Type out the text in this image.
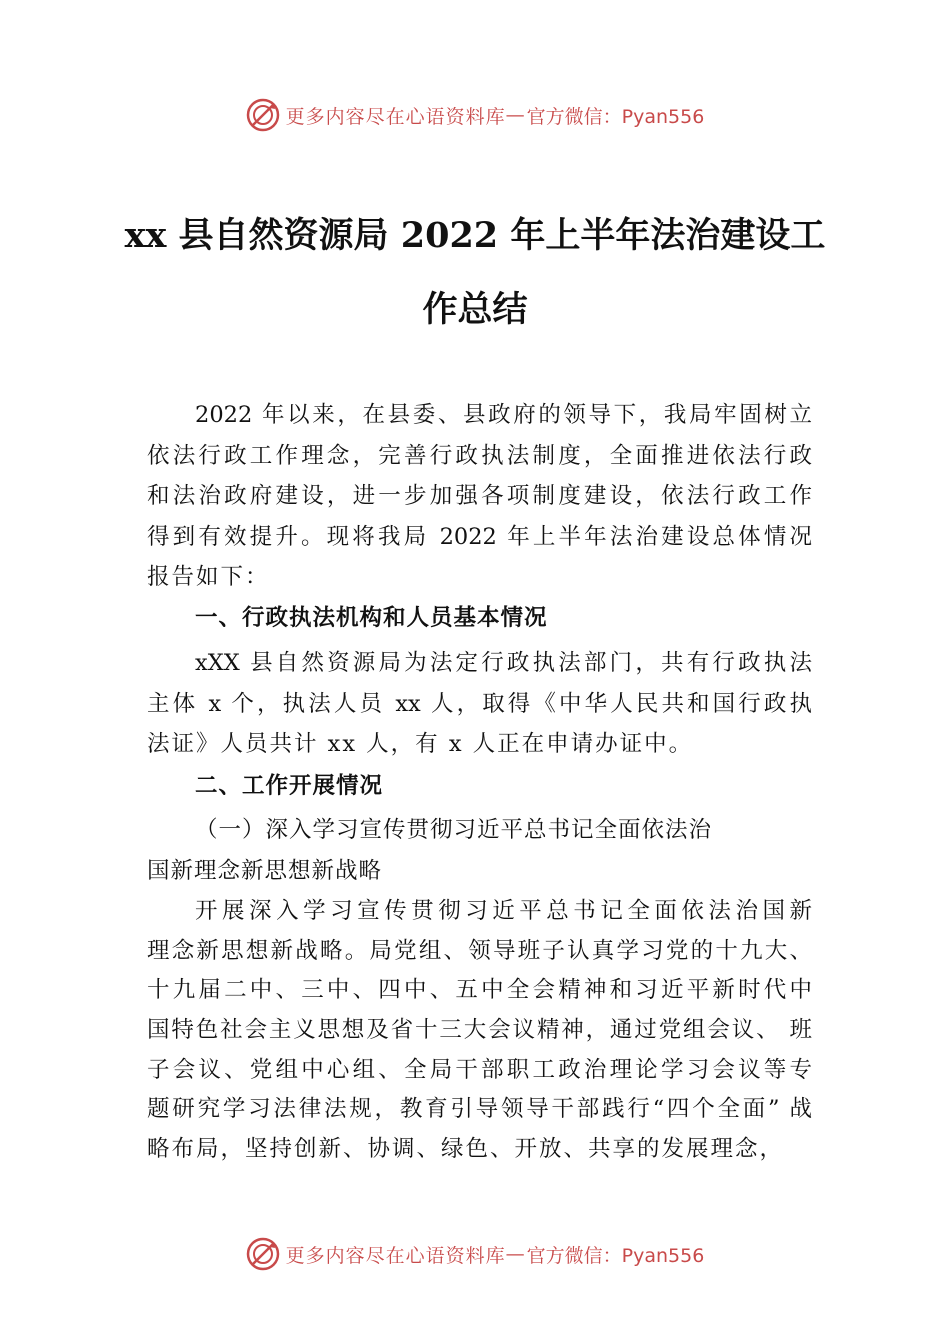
更多内容尽在心语资料库 — 官方微信：Pyan556
xx 县自然资源局 2022 年上半年法治建设工
作总结
2022 年以来，在县委、县政府的领导下，我局牢固树立
依法行政工作理念，完善行政执法制度，全面推进依法行政
和法治政府建设，进一步加强各项制度建设，依法行政工作
得到有效提升。现将我局 2022 年上半年法治建设总体情况
报告如下：
一、行政执法机构和人员基本情况
xXX 县自然资源局为法定行政执法部门，共有行政执法
主体 x 个，执法人员 xx 人，取得《中华人民共和国行政执
法证》人员共计 xx 人，有 x 人正在申请办证中。
二、工作开展情况
（一）深入学习宣传贯彻习近平总书记全面依法治
国新理念新思想新战略
开展深入学习宣传贯彻习近平总书记全面依法治国新
理念新思想新战略。局党组、领导班子认真学习党的十九大、
十九届二中、三中、四中、五中全会精神和习近平新时代中
国特色社会主义思想及省十三大会议精神，通过党组会议、 班
子会议、党组中心组、全局干部职工政治理论学习会议等专
题研究学习法律法规，教育引导领导干部践行“四个全面” 战
略布局，坚持创新、协调、绿色、开放、共享的发展理念，
更多内容尽在心语资料库 — 官方微信：Pyan556
